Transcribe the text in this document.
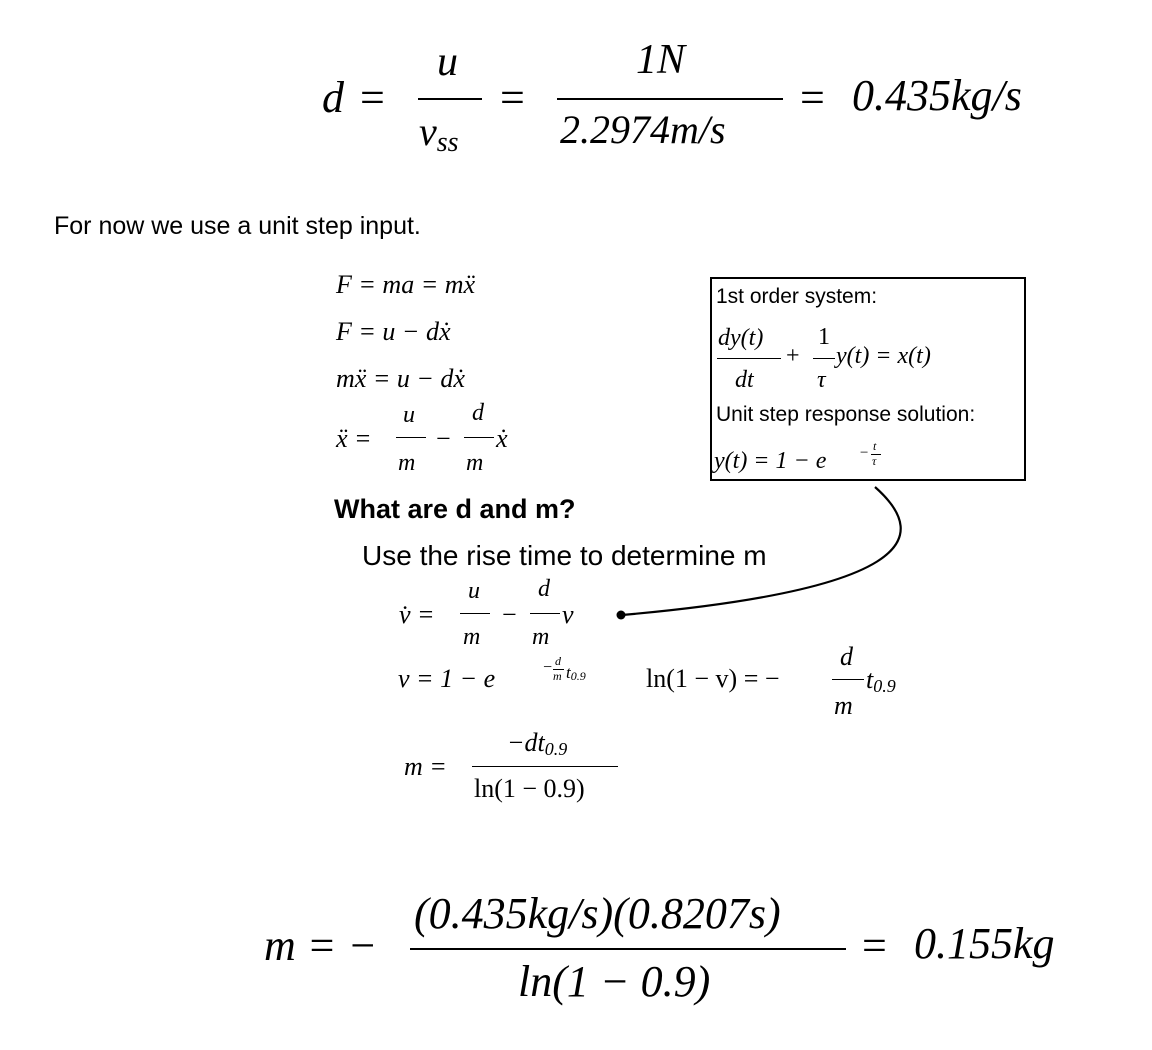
d =
u
$v_{ss}$
=
1N
2.2974m/s
= 0.435kg/s
For now we use a unit step input.
F = ma = mẍ
F = u − dẋ
mẍ = u − dẋ
ẍ =
u
m
−
d
m
ẋ
1st order system:
dy(t)
dt
+
1
τ
y(t) = x(t)
Unit step response solution:
y(t) = 1 − e − t
τ
What are d and m?
Use the rise time to determine m
v̇ =
u
m
−
d
m
v
v = 1 − e	− d
m $t_{0.9}$ ln(1 − v) = −
d
m
$t_{0.9}$
m =
$-dt_{0.9}$
ln(1 − 0.9)
m = −
(0.435kg/s)(0.8207s)
ln(1 − 0.9)
= 0.155kg
